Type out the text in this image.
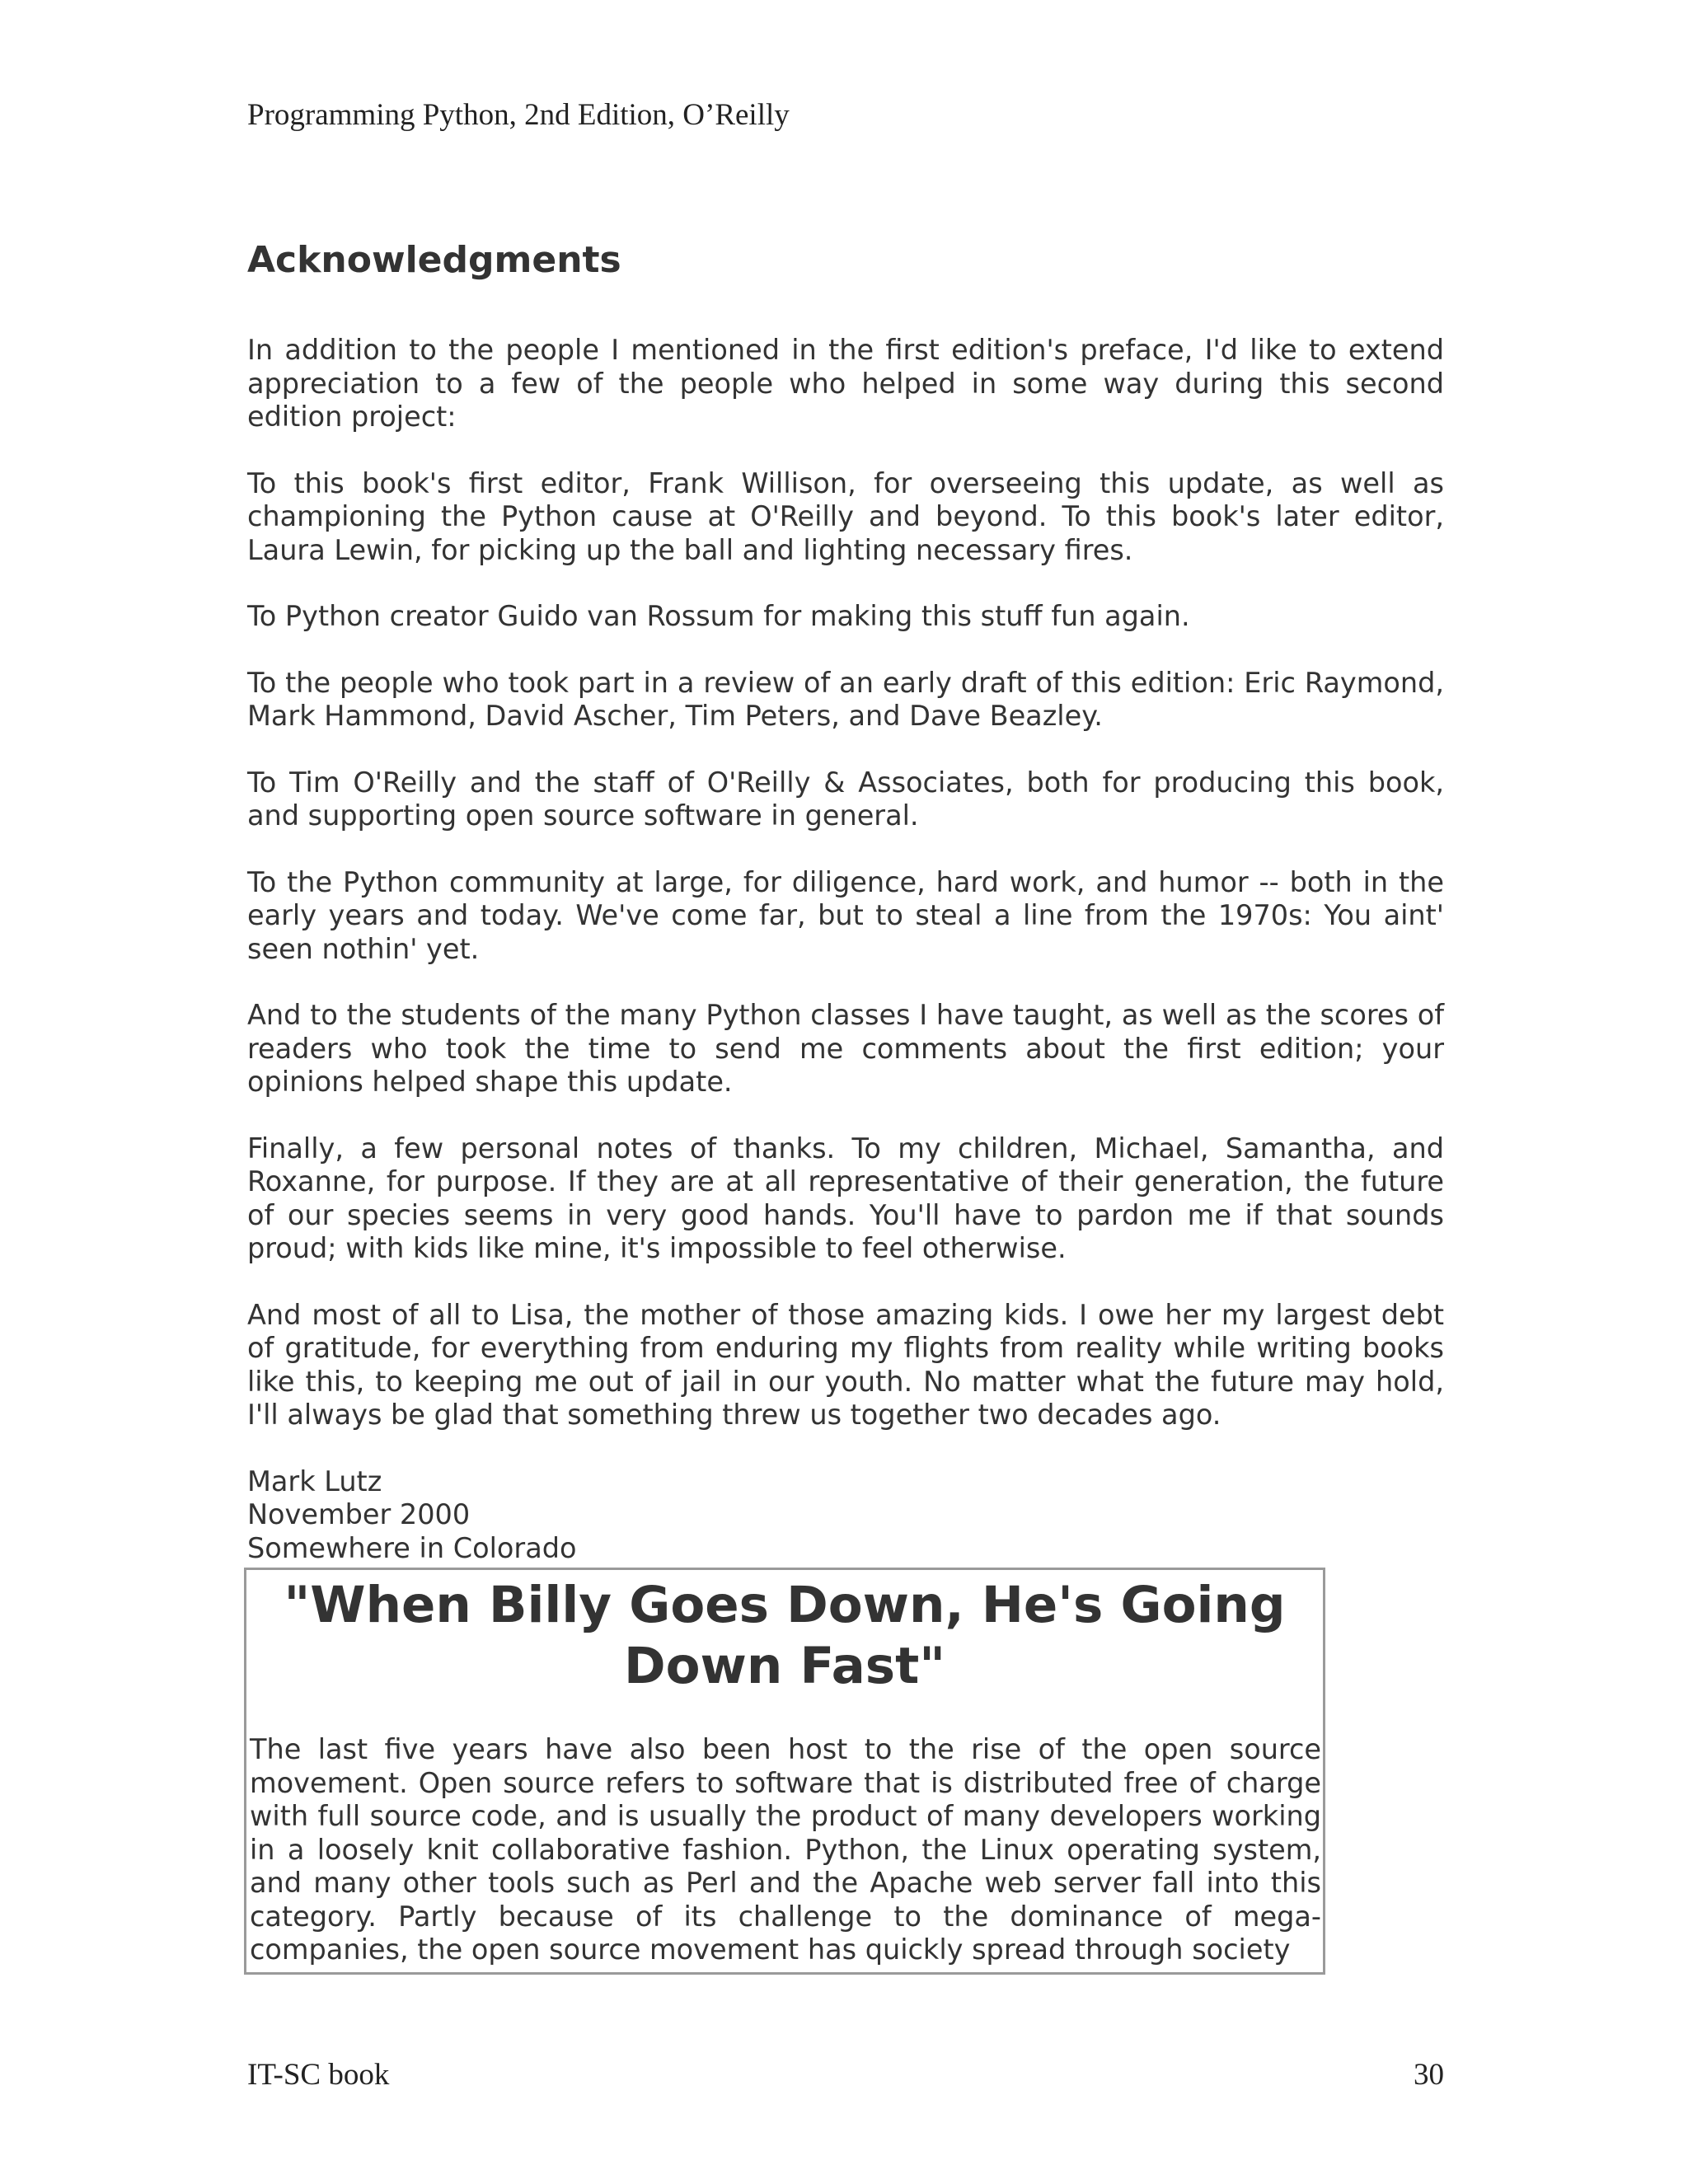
Programming Python, 2nd Edition, O’Reilly
Acknowledgments

In addition to the people I mentioned in the first edition's preface, I'd like to extend appreciation to a few of the people who helped in some way during this second edition project:

To this book's first editor, Frank Willison, for overseeing this update, as well as championing the Python cause at O'Reilly and beyond. To this book's later editor, Laura Lewin, for picking up the ball and lighting necessary fires.

To Python creator Guido van Rossum for making this stuff fun again.

To the people who took part in a review of an early draft of this edition: Eric Raymond, Mark Hammond, David Ascher, Tim Peters, and Dave Beazley.

To Tim O'Reilly and the staff of O'Reilly & Associates, both for producing this book, and supporting open source software in general.

To the Python community at large, for diligence, hard work, and humor -- both in the early years and today. We've come far, but to steal a line from the 1970s: You aint' seen nothin' yet.

And to the students of the many Python classes I have taught, as well as the scores of readers who took the time to send me comments about the first edition; your opinions helped shape this update.

Finally, a few personal notes of thanks. To my children, Michael, Samantha, and Roxanne, for purpose. If they are at all representative of their generation, the future of our species seems in very good hands. You'll have to pardon me if that sounds proud; with kids like mine, it's impossible to feel otherwise.

And most of all to Lisa, the mother of those amazing kids. I owe her my largest debt of gratitude, for everything from enduring my flights from reality while writing books like this, to keeping me out of jail in our youth. No matter what the future may hold, I'll always be glad that something threw us together two decades ago.

Mark Lutz
November 2000
Somewhere in Colorado
"When Billy Goes Down, He's Going Down Fast"

The last five years have also been host to the rise of the open source movement. Open source refers to software that is distributed free of charge with full source code, and is usually the product of many developers working in a loosely knit collaborative fashion. Python, the Linux operating system, and many other tools such as Perl and the Apache web server fall into this category. Partly because of its challenge to the dominance of mega-companies, the open source movement has quickly spread through society

IT-SC book	30
